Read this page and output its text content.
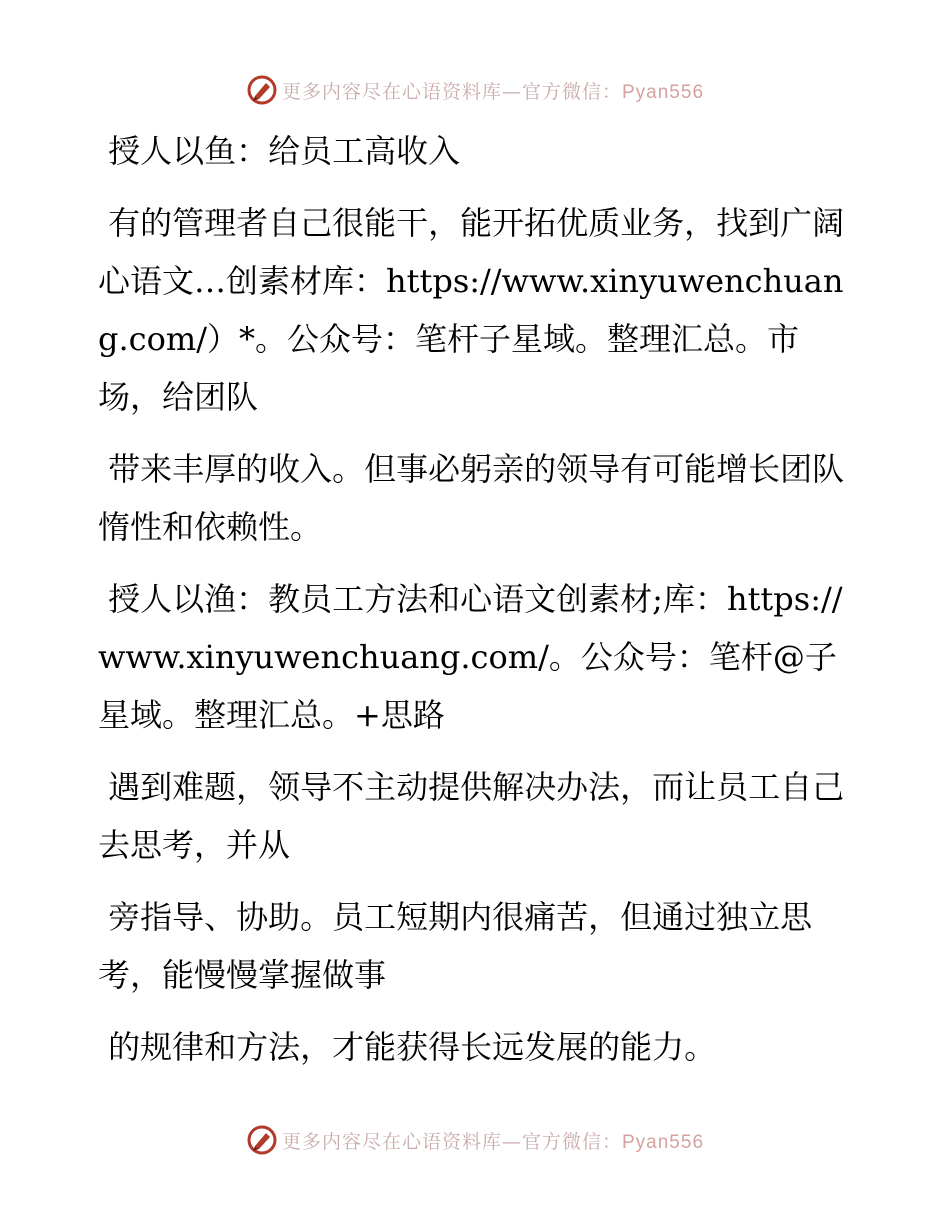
更多内容尽在心语资料库—官方微信：Pyan556

授人以鱼：给员工高收入

有的管理者自己很能干，能开拓优质业务，找到广阔心语文…创素材库：https://www.xinyuwenchuang.com/）*。公众号：笔杆子星域。整理汇总。市场，给团队

带来丰厚的收入。但事必躬亲的领导有可能增长团队惰性和依赖性。

授人以渔：教员工方法和心语文创素材;库：https://www.xinyuwenchuang.com/。公众号：笔杆@子星域。整理汇总。+思路

遇到难题，领导不主动提供解决办法，而让员工自己去思考，并从

旁指导、协助。员工短期内很痛苦，但通过独立思考，能慢慢掌握做事

的规律和方法，才能获得长远发展的能力。

更多内容尽在心语资料库—官方微信：Pyan556
